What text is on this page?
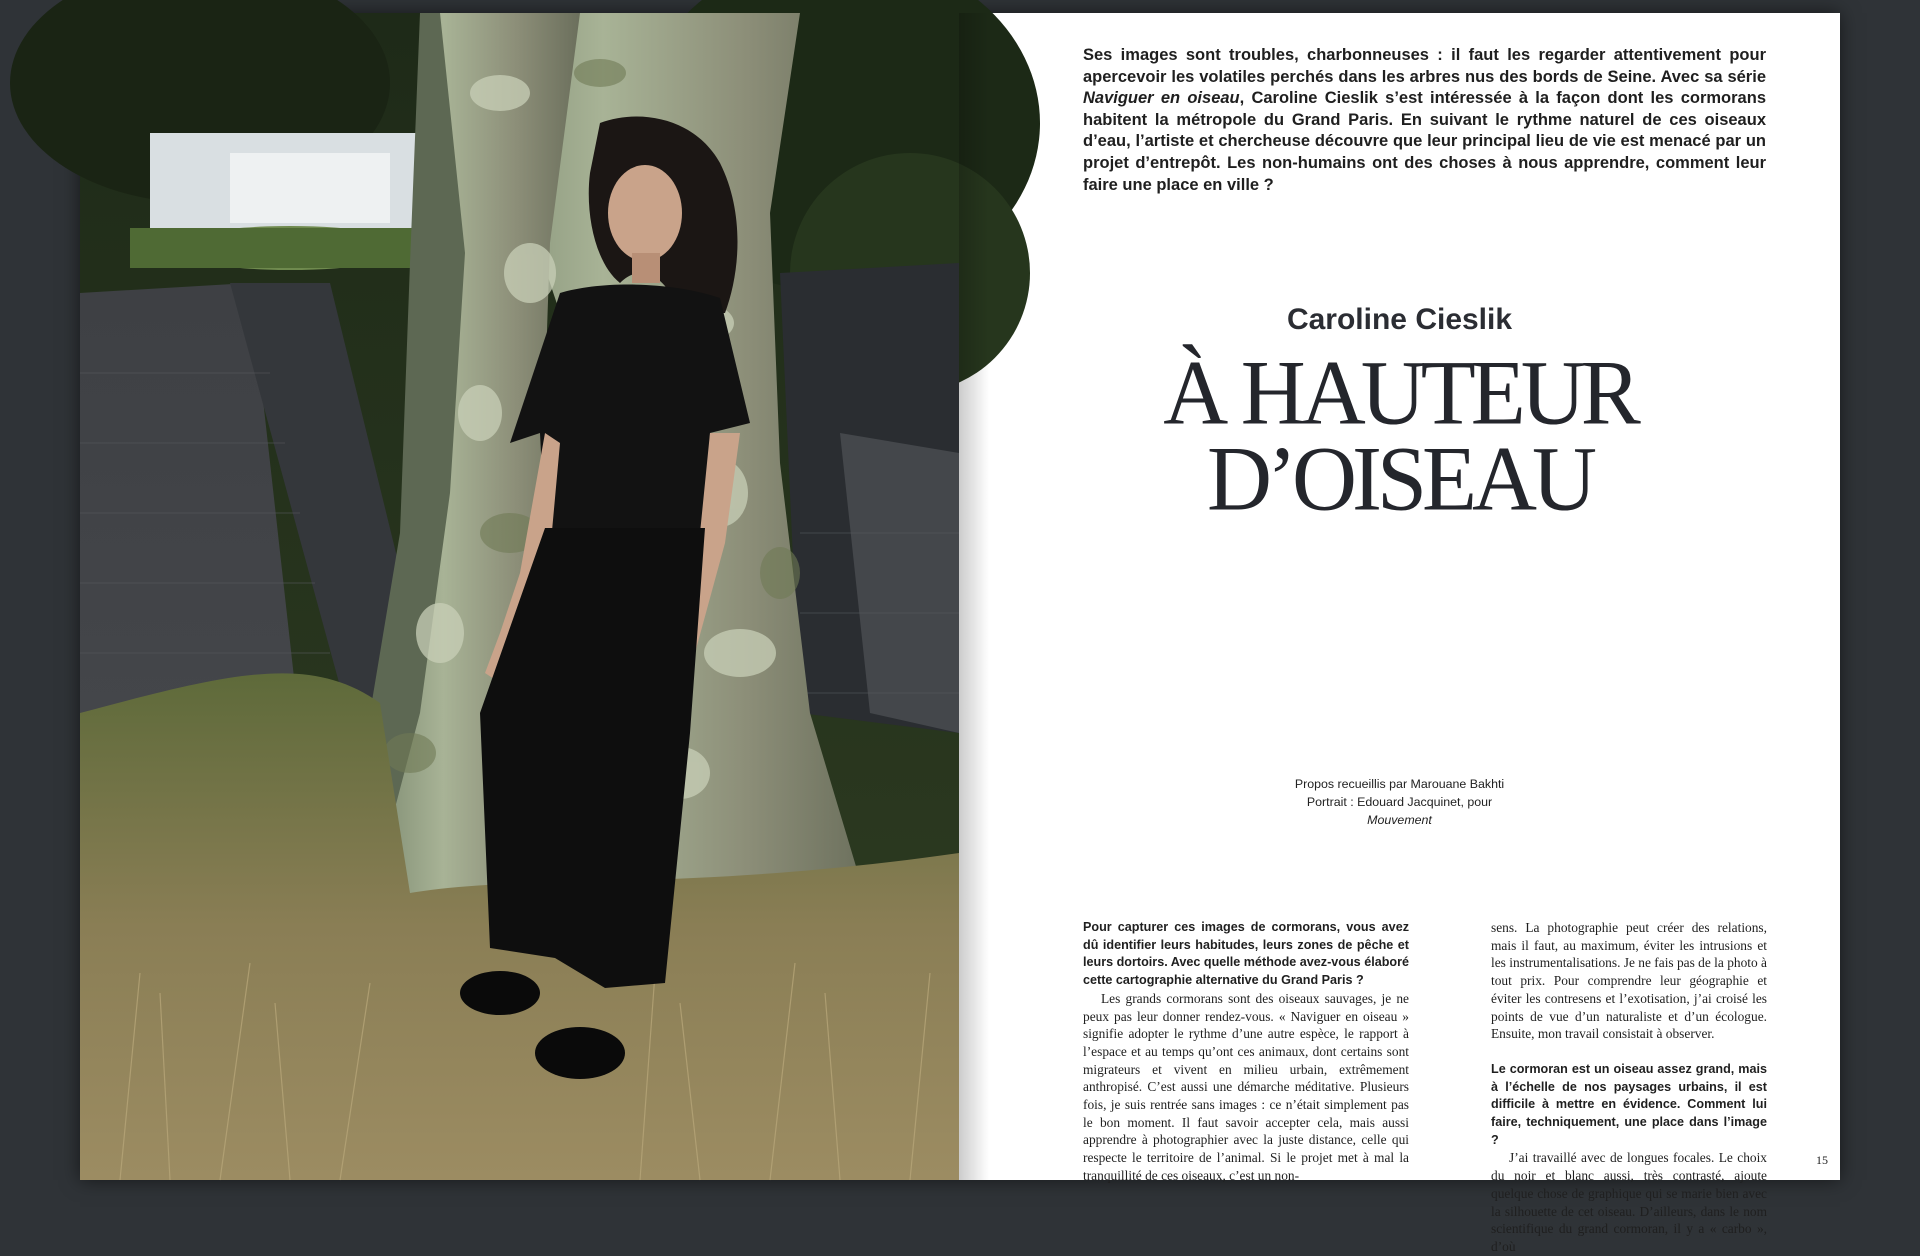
Ses images sont troubles, charbonneuses : il faut les regarder attentivement pour apercevoir les volatiles perchés dans les arbres nus des bords de Seine. Avec sa série Naviguer en oiseau, Caroline Cieslik s’est intéressée à la façon dont les cormorans habitent la métropole du Grand Paris. En suivant le rythme naturel de ces oiseaux d’eau, l’artiste et chercheuse découvre que leur principal lieu de vie est menacé par un projet d’entrepôt. Les non-humains ont des choses à nous apprendre, comment leur faire une place en ville ?

Caroline Cieslik
À HAUTEUR
D’OISEAU
Propos recueillis par Marouane Bakhti
Portrait : Edouard Jacquinet, pour
Mouvement

Pour capturer ces images de cormorans, vous avez dû identifier leurs habitudes, leurs zones de pêche et leurs dortoirs. Avec quelle méthode avez-vous élaboré cette cartographie alternative du Grand Paris ?

Les grands cormorans sont des oiseaux sauvages, je ne peux pas leur donner rendez-vous. « Naviguer en oiseau » signifie adopter le rythme d’une autre espèce, le rapport à l’espace et au temps qu’ont ces animaux, dont certains sont migrateurs et vivent en milieu urbain, extrêmement anthropisé. C’est aussi une démarche méditative. Plusieurs fois, je suis rentrée sans images : ce n’était simplement pas le bon moment. Il faut savoir accepter cela, mais aussi apprendre à photographier avec la juste distance, celle qui respecte le territoire de l’animal. Si le projet met à mal la tranquillité de ces oiseaux, c’est un non-

sens. La photographie peut créer des relations, mais il faut, au maximum, éviter les intrusions et les instrumentalisations. Je ne fais pas de la photo à tout prix. Pour comprendre leur géographie et éviter les contresens et l’exotisation, j’ai croisé les points de vue d’un naturaliste et d’un écologue. Ensuite, mon travail consistait à observer.

Le cormoran est un oiseau assez grand, mais à l’échelle de nos paysages urbains, il est difficile à mettre en évidence. Comment lui faire, techniquement, une place dans l’image ?

J’ai travaillé avec de longues focales. Le choix du noir et blanc aussi, très contrasté, ajoute quelque chose de graphique qui se marie bien avec la silhouette de cet oiseau. D’ailleurs, dans le nom scientifique du grand cormoran, il y a « carbo », d’où

15
